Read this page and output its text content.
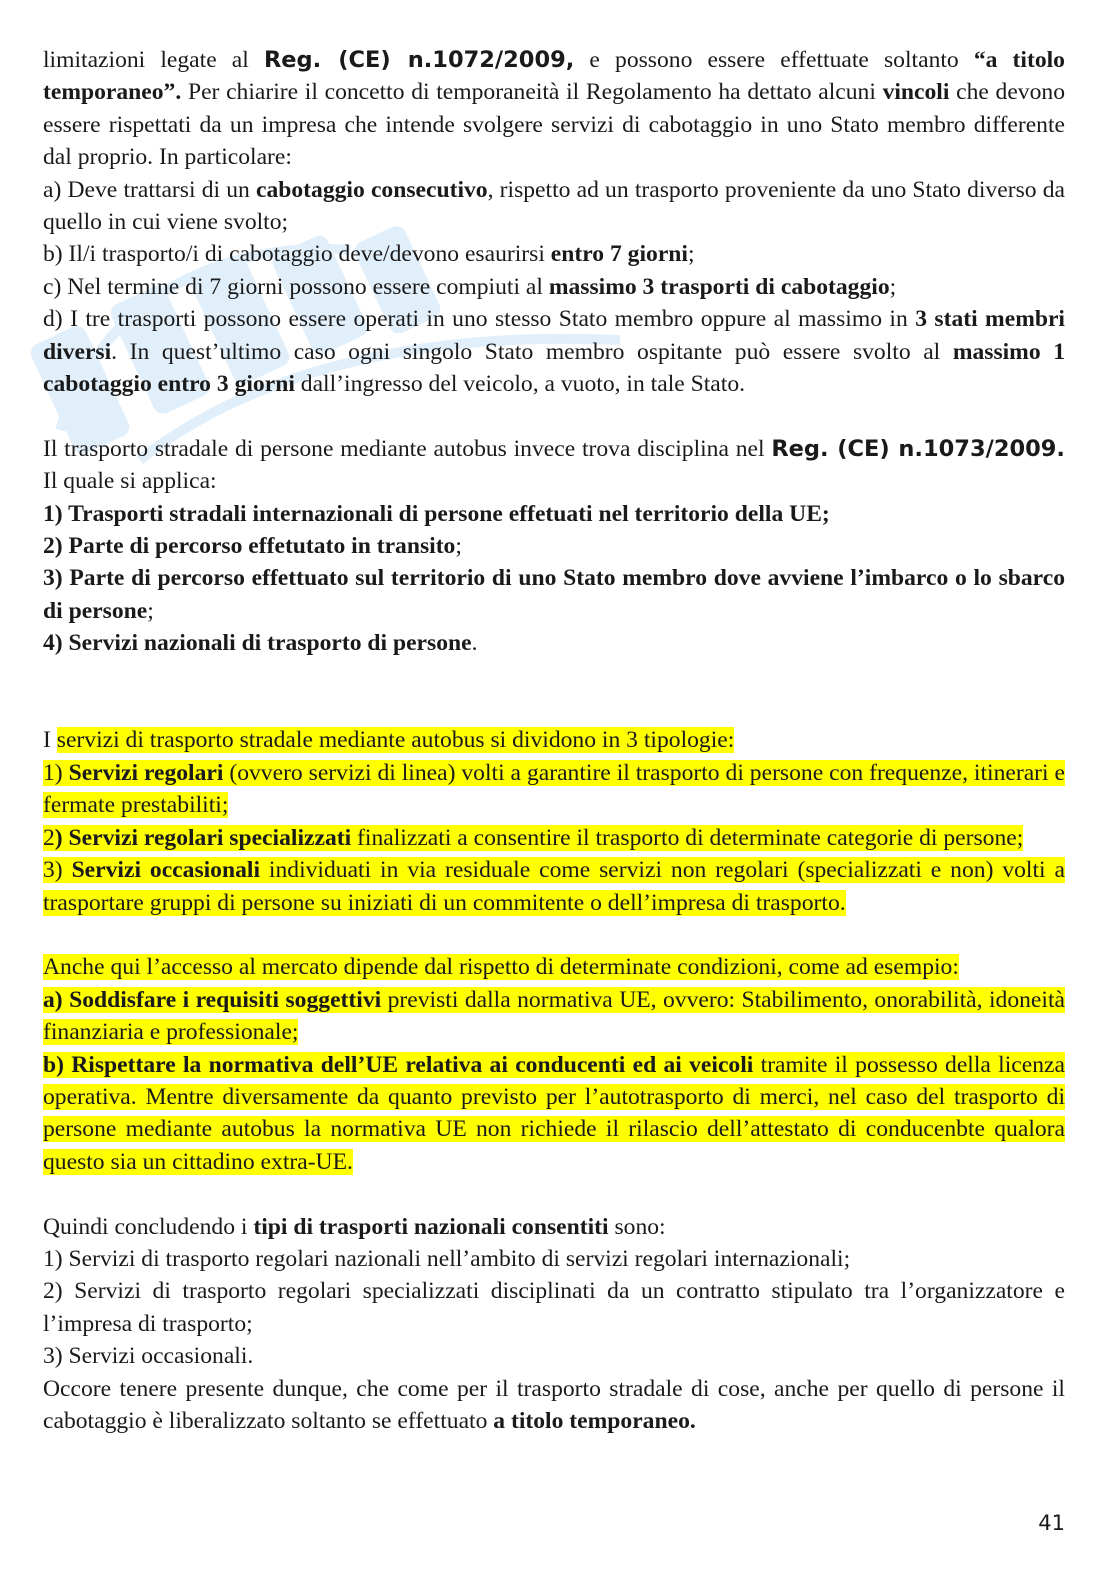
limitazioni legate al Reg. (CE) n.1072/2009, e possono essere effettuate soltanto “a titolo temporaneo”. Per chiarire il concetto di temporaneità il Regolamento ha dettato alcuni vincoli che devono essere rispettati da un impresa che intende svolgere servizi di cabotaggio in uno Stato membro differente dal proprio. In particolare:

a) Deve trattarsi di un cabotaggio consecutivo, rispetto ad un trasporto proveniente da uno Stato diverso da quello in cui viene svolto;

b) Il/i trasporto/i di cabotaggio deve/devono esaurirsi entro 7 giorni;

c) Nel termine di 7 giorni possono essere compiuti al massimo 3 trasporti di cabotaggio;

d) I tre trasporti possono essere operati in uno stesso Stato membro oppure al massimo in 3 stati membri diversi. In quest’ultimo caso ogni singolo Stato membro ospitante può essere svolto al massimo 1 cabotaggio entro 3 giorni dall’ingresso del veicolo, a vuoto, in tale Stato.

Il trasporto stradale di persone mediante autobus invece trova disciplina nel Reg. (CE) n.1073/2009. Il quale si applica:

1) Trasporti stradali internazionali di persone effetuati nel territorio della UE;

2) Parte di percorso effetutato in transito;

3) Parte di percorso effettuato sul territorio di uno Stato membro dove avviene l’imbarco o lo sbarco di persone;

4) Servizi nazionali di trasporto di persone.

I servizi di trasporto stradale mediante autobus si dividono in 3 tipologie:

1) Servizi regolari (ovvero servizi di linea) volti a garantire il trasporto di persone con frequenze, itinerari e fermate prestabiliti;

2) Servizi regolari specializzati finalizzati a consentire il trasporto di determinate categorie di persone;

3) Servizi occasionali individuati in via residuale come servizi non regolari (specializzati e non) volti a trasportare gruppi di persone su iniziati di un commitente o dell’impresa di trasporto.

Anche qui l’accesso al mercato dipende dal rispetto di determinate condizioni, come ad esempio:

a) Soddisfare i requisiti soggettivi previsti dalla normativa UE, ovvero: Stabilimento, onorabilità, idoneità finanziaria e professionale;

b) Rispettare la normativa dell’UE relativa ai conducenti ed ai veicoli tramite il possesso della licenza operativa. Mentre diversamente da quanto previsto per l’autotrasporto di merci, nel caso del trasporto di persone mediante autobus la normativa UE non richiede il rilascio dell’attestato di conducenbte qualora questo sia un cittadino extra-UE.

Quindi concludendo i tipi di trasporti nazionali consentiti sono:

1) Servizi di trasporto regolari nazionali nell’ambito di servizi regolari internazionali;

2) Servizi di trasporto regolari specializzati disciplinati da un contratto stipulato tra l’organizzatore e l’impresa di trasporto;

3) Servizi occasionali.

Occore tenere presente dunque, che come per il trasporto stradale di cose, anche per quello di persone il cabotaggio è liberalizzato soltanto se effettuato a titolo temporaneo.

41
